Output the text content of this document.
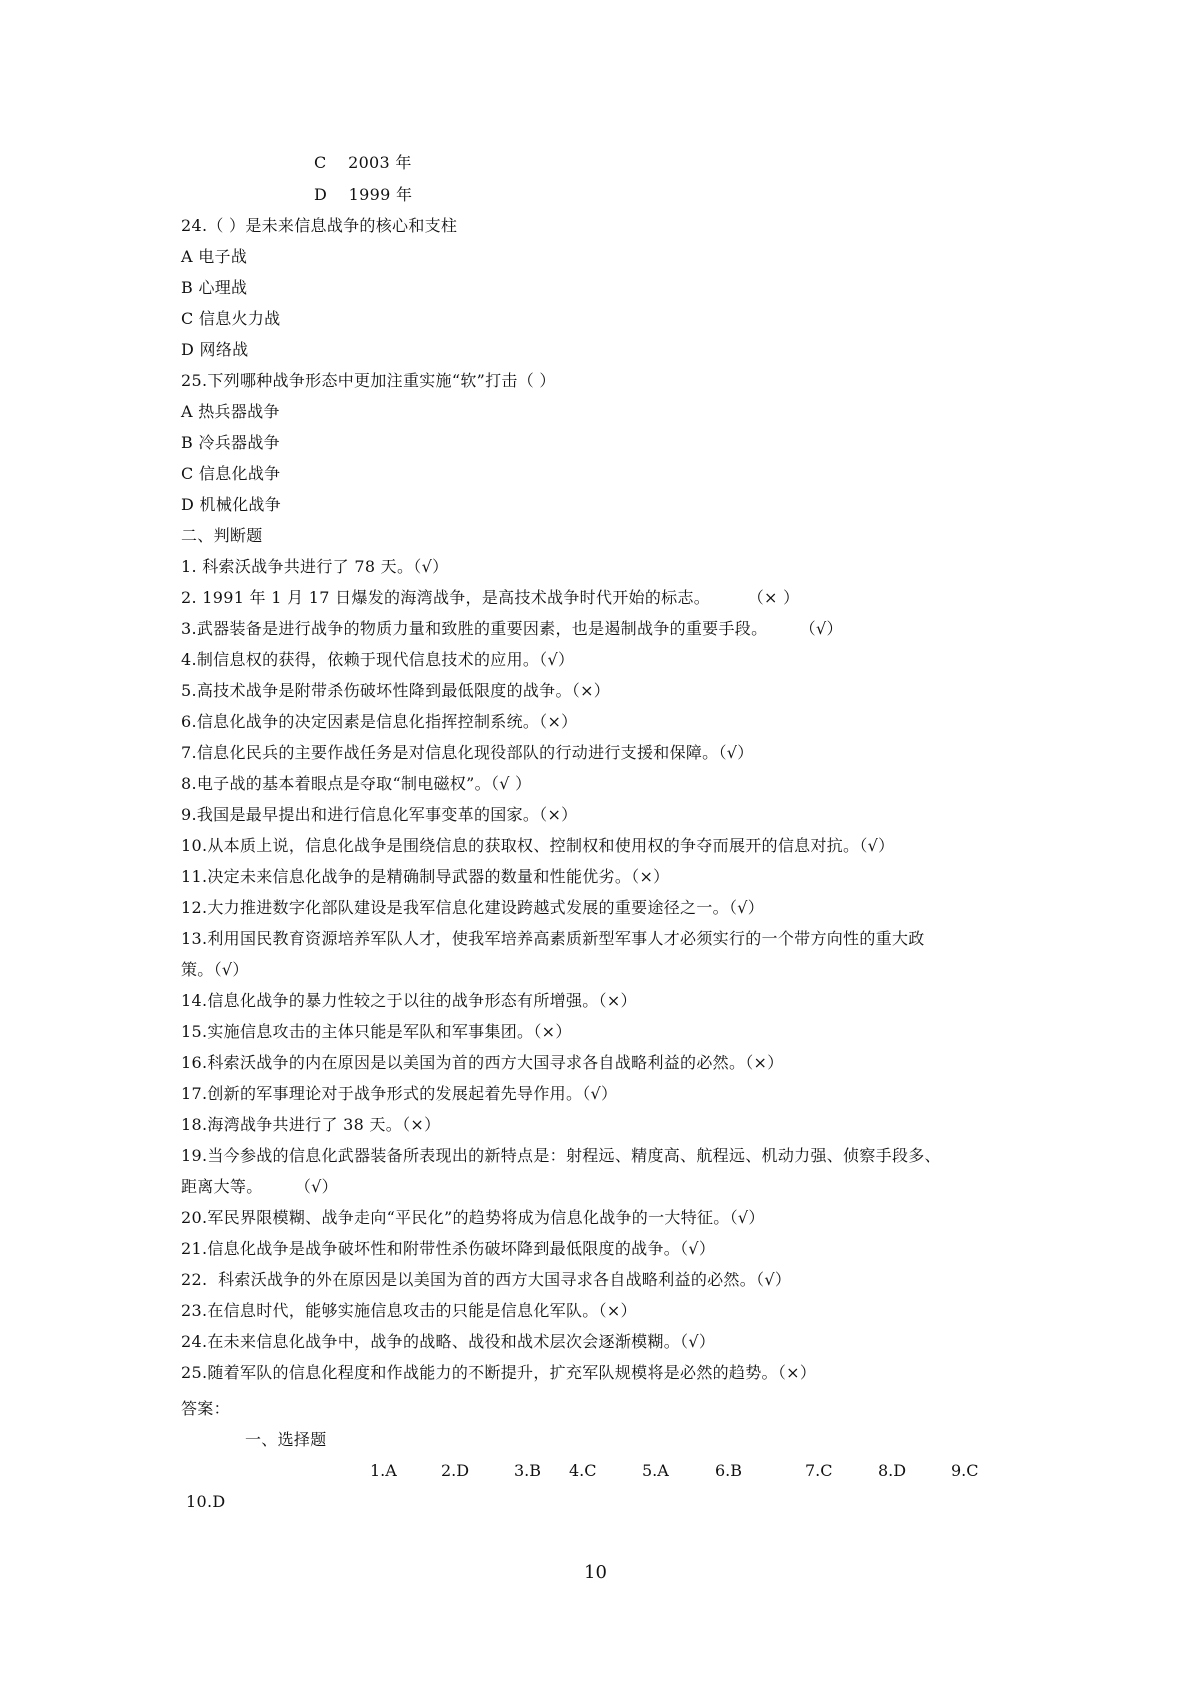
C    2003 年
D    1999 年
24.（ ）是未来信息战争的核心和支柱
A 电子战
B 心理战
C 信息火力战
D 网络战
25.下列哪种战争形态中更加注重实施“软”打击（ ）
A 热兵器战争
B 冷兵器战争
C 信息化战争
D 机械化战争
二、判断题
1. 科索沃战争共进行了 78 天。（√）
2. 1991 年 1 月 17 日爆发的海湾战争，是高技术战争时代开始的标志。       （× ）
3.武器装备是进行战争的物质力量和致胜的重要因素，也是遏制战争的重要手段。      （√）
4.制信息权的获得，依赖于现代信息技术的应用。（√）
5.高技术战争是附带杀伤破坏性降到最低限度的战争。（×）
6.信息化战争的决定因素是信息化指挥控制系统。（×）
7.信息化民兵的主要作战任务是对信息化现役部队的行动进行支援和保障。（√）
8.电子战的基本着眼点是夺取“制电磁权”。（√ ）
9.我国是最早提出和进行信息化军事变革的国家。（×）
10.从本质上说，信息化战争是围绕信息的获取权、控制权和使用权的争夺而展开的信息对抗。（√）
11.决定未来信息化战争的是精确制导武器的数量和性能优劣。（×）
12.大力推进数字化部队建设是我军信息化建设跨越式发展的重要途径之一。（√）
13.利用国民教育资源培养军队人才，使我军培养高素质新型军事人才必须实行的一个带方向性的重大政
策。（√）
14.信息化战争的暴力性较之于以往的战争形态有所增强。（×）
15.实施信息攻击的主体只能是军队和军事集团。（×）
16.科索沃战争的内在原因是以美国为首的西方大国寻求各自战略利益的必然。（×）
17.创新的军事理论对于战争形式的发展起着先导作用。（√）
18.海湾战争共进行了 38 天。（×）
19.当今参战的信息化武器装备所表现出的新特点是：射程远、精度高、航程远、机动力强、侦察手段多、
距离大等。      （√）
20.军民界限模糊、战争走向“平民化”的趋势将成为信息化战争的一大特征。（√）
21.信息化战争是战争破坏性和附带性杀伤破坏降到最低限度的战争。（√）
22.  科索沃战争的外在原因是以美国为首的西方大国寻求各自战略利益的必然。（√）
23.在信息时代，能够实施信息攻击的只能是信息化军队。（×）
24.在未来信息化战争中，战争的战略、战役和战术层次会逐渐模糊。（√）
25.随着军队的信息化程度和作战能力的不断提升，扩充军队规模将是必然的趋势。（×）
答案：
一、选择题
1.A	2.D	3.B 4.C	5.A	6.B	7.C	8.D	9.C
10.D
10
